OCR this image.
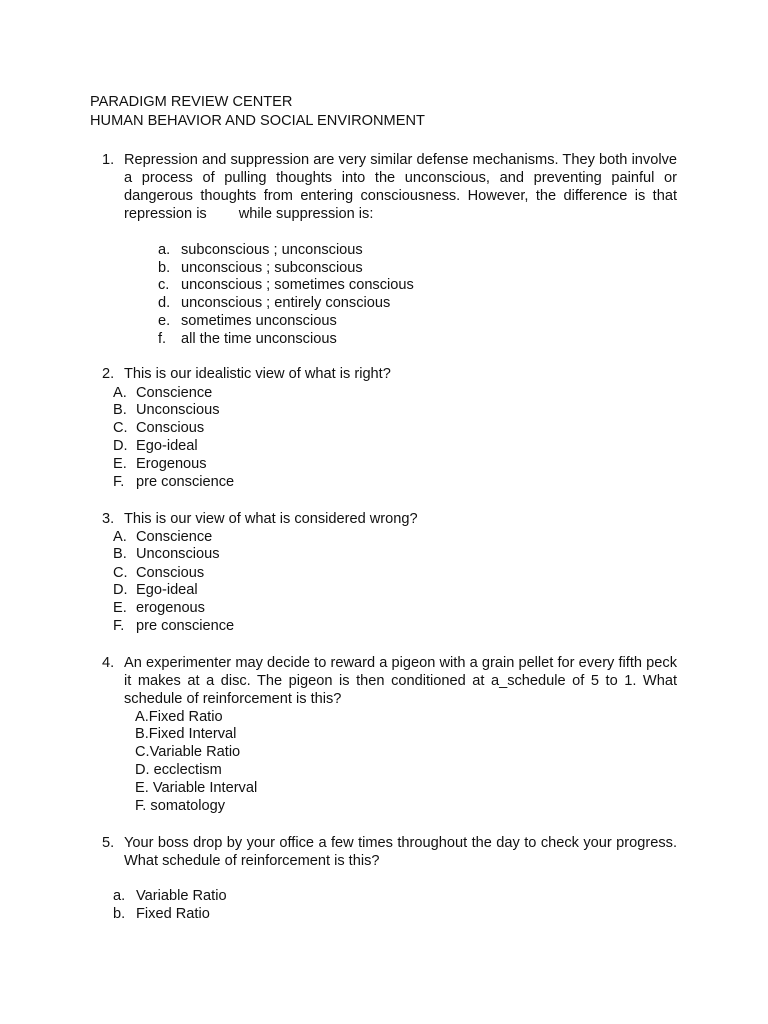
PARADIGM REVIEW CENTER
HUMAN BEHAVIOR AND SOCIAL ENVIRONMENT
1. Repression and suppression are very similar defense mechanisms. They both involve a process of pulling thoughts into the unconscious, and preventing painful or dangerous thoughts from entering consciousness. However, the difference is that repression is while suppression is:
a. subconscious ; unconscious
b. unconscious ; subconscious
c. unconscious ; sometimes conscious
d. unconscious ; entirely conscious
e. sometimes unconscious
f. all the time unconscious
2. This is our idealistic view of what is right?
A. Conscience
B. Unconscious
C. Conscious
D. Ego-ideal
E. Erogenous
F. pre conscience
3. This is our view of what is considered wrong?
A. Conscience
B. Unconscious
C. Conscious
D. Ego-ideal
E. erogenous
F. pre conscience
4. An experimenter may decide to reward a pigeon with a grain pellet for every fifth peck it makes at a disc. The pigeon is then conditioned at a_schedule of 5 to 1. What schedule of reinforcement is this?
A.Fixed Ratio
B.Fixed Interval
C.Variable Ratio
D. ecclectism
E. Variable Interval
F. somatology
5. Your boss drop by your office a few times throughout the day to check your progress. What schedule of reinforcement is this?
a. Variable Ratio
b. Fixed Ratio
